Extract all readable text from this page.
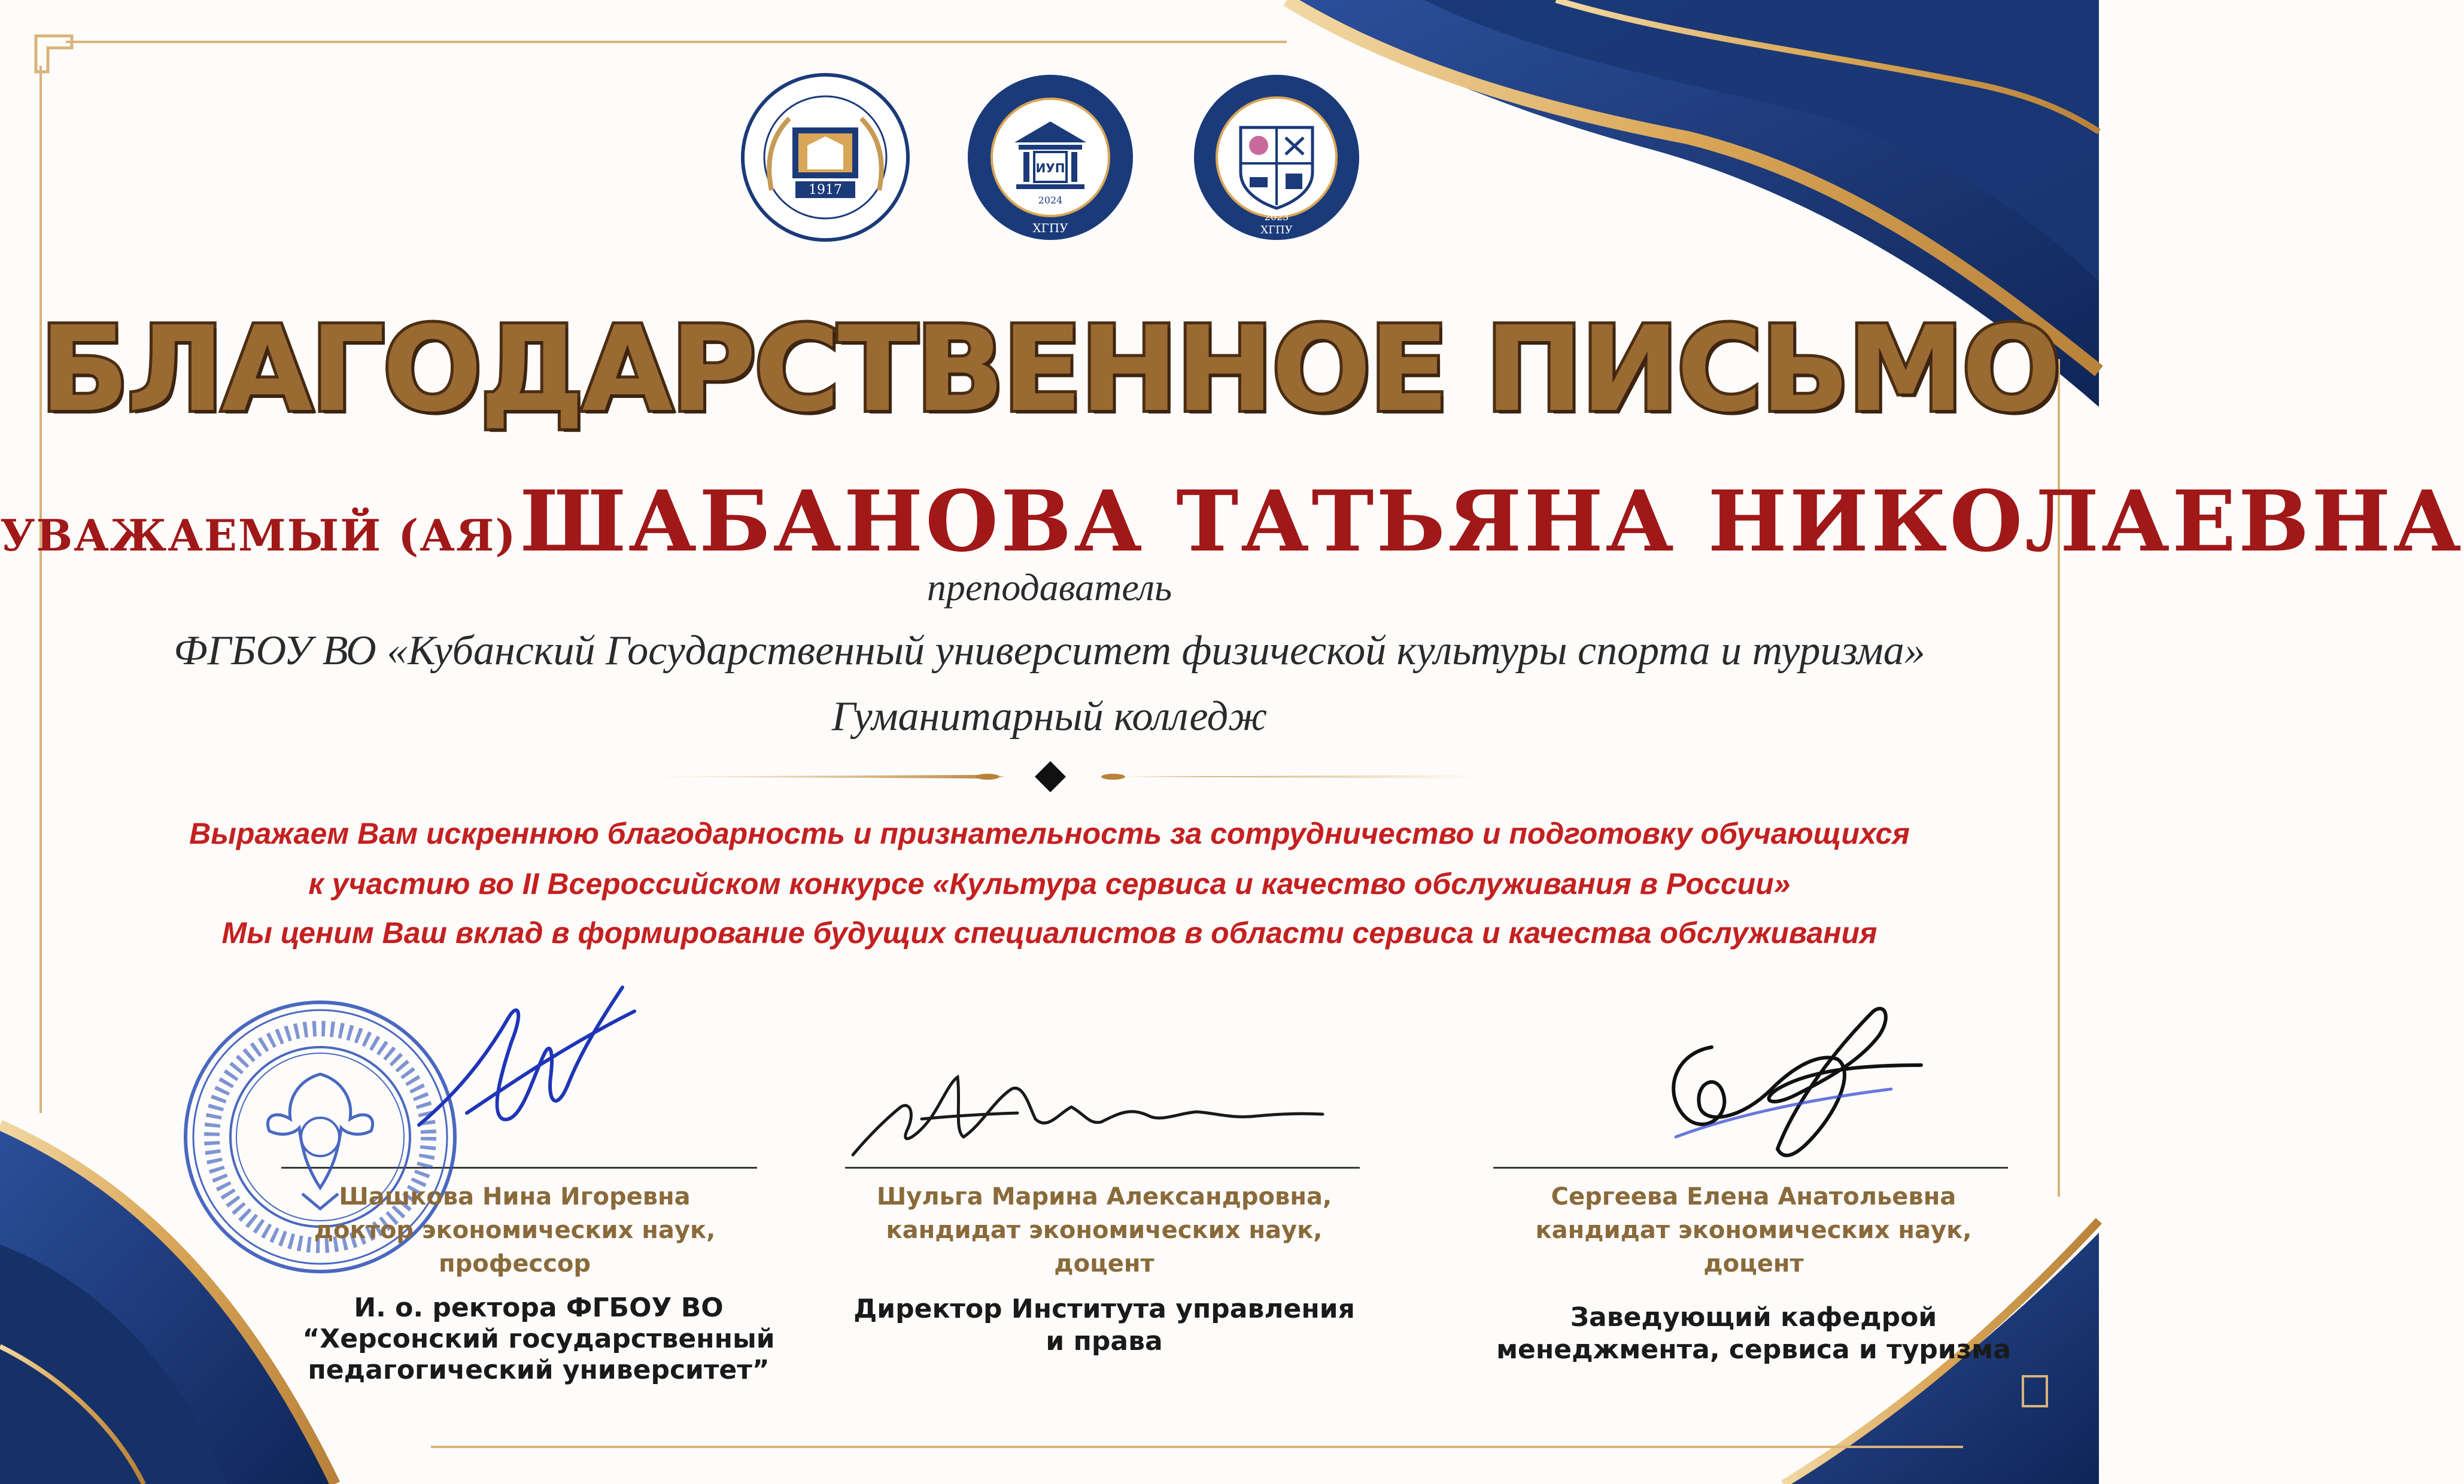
1917
ИУП
2024
ХГПУ
2023
ХГПУ
БЛАГОДАРСТВЕННОЕ ПИСЬМО
УВАЖАЕМЫЙ (АЯ) ШАБАНОВА ТАТЬЯНА НИКОЛАЕВНА
преподаватель
ФГБОУ ВО «Кубанский Государственный университет физической культуры спорта и туризма»
Гуманитарный колледж
Выражаем Вам искреннюю благодарность и признательность за сотрудничество и подготовку обучающихся
к участию во II Всероссийском конкурсе «Культура сервиса и качество обслуживания в России»
Мы ценим Ваш вклад в формирование будущих специалистов в области сервиса и качества обслуживания
Шашкова Нина Игоревна
доктор экономических наук,
профессор
И. о. ректора ФГБОУ ВО
“Херсонский государственный
педагогический университет”
Шульга Марина Александровна,
кандидат экономических наук,
доцент
Директор Института управления
и права
Сергеева Елена Анатольевна
кандидат экономических наук,
доцент
Заведующий кафедрой
менеджмента, сервиса и туризма
